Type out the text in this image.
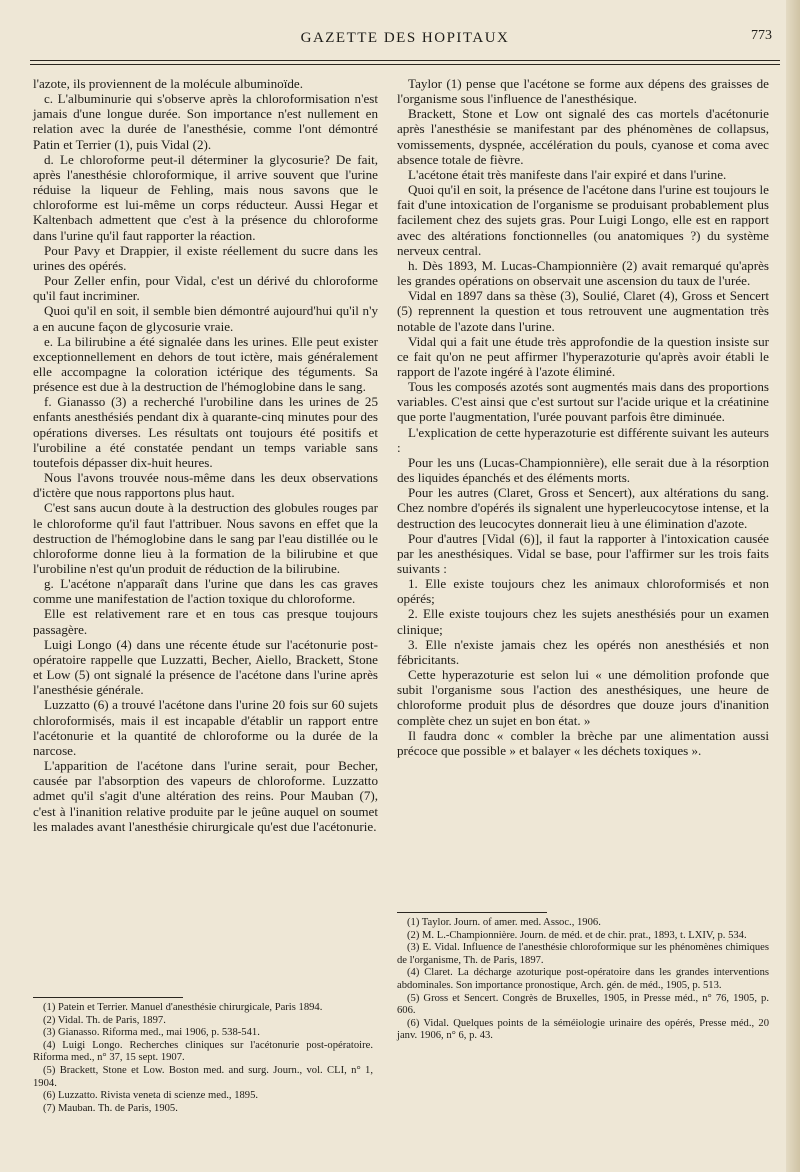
GAZETTE DES HOPITAUX	773

l'azote, ils proviennent de la molécule albuminoïde.

c. L'albuminurie qui s'observe après la chloroformisation n'est jamais d'une longue durée. Son importance n'est nullement en relation avec la durée de l'anesthésie, comme l'ont démontré Patin et Terrier (1), puis Vidal (2).

d. Le chloroforme peut-il déterminer la glycosurie? De fait, après l'anesthésie chloroformique, il arrive souvent que l'urine réduise la liqueur de Fehling, mais nous savons que le chloroforme est lui-même un corps réducteur. Aussi Hegar et Kaltenbach admettent que c'est à la présence du chloroforme dans l'urine qu'il faut rapporter la réaction.

Pour Pavy et Drappier, il existe réellement du sucre dans les urines des opérés.

Pour Zeller enfin, pour Vidal, c'est un dérivé du chloroforme qu'il faut incriminer.

Quoi qu'il en soit, il semble bien démontré aujourd'hui qu'il n'y a en aucune façon de glycosurie vraie.

e. La bilirubine a été signalée dans les urines. Elle peut exister exceptionnellement en dehors de tout ictère, mais généralement elle accompagne la coloration ictérique des téguments. Sa présence est due à la destruction de l'hémoglobine dans le sang.

f. Gianasso (3) a recherché l'urobiline dans les urines de 25 enfants anesthésiés pendant dix à quarante-cinq minutes pour des opérations diverses. Les résultats ont toujours été positifs et l'urobiline a été constatée pendant un temps variable sans toutefois dépasser dix-huit heures.

Nous l'avons trouvée nous-même dans les deux observations d'ictère que nous rapportons plus haut.

C'est sans aucun doute à la destruction des globules rouges par le chloroforme qu'il faut l'attribuer. Nous savons en effet que la destruction de l'hémoglobine dans le sang par l'eau distillée ou le chloroforme donne lieu à la formation de la bilirubine et que l'urobiline n'est qu'un produit de réduction de la bilirubine.

g. L'acétone n'apparaît dans l'urine que dans les cas graves comme une manifestation de l'action toxique du chloroforme.

Elle est relativement rare et en tous cas presque toujours passagère.

Luigi Longo (4) dans une récente étude sur l'acétonurie post-opératoire rappelle que Luzzatti, Becher, Aiello, Brackett, Stone et Low (5) ont signalé la présence de l'acétone dans l'urine après l'anesthésie générale.

Luzzatto (6) a trouvé l'acétone dans l'urine 20 fois sur 60 sujets chloroformisés, mais il est incapable d'établir un rapport entre l'acétonurie et la quantité de chloroforme ou la durée de la narcose.

L'apparition de l'acétone dans l'urine serait, pour Becher, causée par l'absorption des vapeurs de chloroforme. Luzzatto admet qu'il s'agit d'une altération des reins. Pour Mauban (7), c'est à l'inanition relative produite par le jeûne auquel on soumet les malades avant l'anesthésie chirurgicale qu'est due l'acétonurie.

(1) Patein et Terrier. Manuel d'anesthésie chirurgicale, Paris 1894.

(2) Vidal. Th. de Paris, 1897.

(3) Gianasso. Riforma med., mai 1906, p. 538-541.

(4) Luigi Longo. Recherches cliniques sur l'acétonurie post-opératoire. Riforma med., n° 37, 15 sept. 1907.

(5) Brackett, Stone et Low. Boston med. and surg. Journ., vol. CLI, n° 1, 1904.

(6) Luzzatto. Rivista veneta di scienze med., 1895.

(7) Mauban. Th. de Paris, 1905.

Taylor (1) pense que l'acétone se forme aux dépens des graisses de l'organisme sous l'influence de l'anesthésique.

Brackett, Stone et Low ont signalé des cas mortels d'acétonurie après l'anesthésie se manifestant par des phénomènes de collapsus, vomissements, dyspnée, accélération du pouls, cyanose et coma avec absence totale de fièvre.

L'acétone était très manifeste dans l'air expiré et dans l'urine.

Quoi qu'il en soit, la présence de l'acétone dans l'urine est toujours le fait d'une intoxication de l'organisme se produisant probablement plus facilement chez des sujets gras. Pour Luigi Longo, elle est en rapport avec des altérations fonctionnelles (ou anatomiques ?) du système nerveux central.

h. Dès 1893, M. Lucas-Championnière (2) avait remarqué qu'après les grandes opérations on observait une ascension du taux de l'urée.

Vidal en 1897 dans sa thèse (3), Soulié, Claret (4), Gross et Sencert (5) reprennent la question et tous retrouvent une augmentation très notable de l'azote dans l'urine.

Vidal qui a fait une étude très approfondie de la question insiste sur ce fait qu'on ne peut affirmer l'hyperazoturie qu'après avoir établi le rapport de l'azote ingéré à l'azote éliminé.

Tous les composés azotés sont augmentés mais dans des proportions variables. C'est ainsi que c'est surtout sur l'acide urique et la créatinine que porte l'augmentation, l'urée pouvant parfois être diminuée.

L'explication de cette hyperazoturie est différente suivant les auteurs :

Pour les uns (Lucas-Championnière), elle serait due à la résorption des liquides épanchés et des éléments morts.

Pour les autres (Claret, Gross et Sencert), aux altérations du sang. Chez nombre d'opérés ils signalent une hyperleucocytose intense, et la destruction des leucocytes donnerait lieu à une élimination d'azote.

Pour d'autres [Vidal (6)], il faut la rapporter à l'intoxication causée par les anesthésiques. Vidal se base, pour l'affirmer sur les trois faits suivants :

1. Elle existe toujours chez les animaux chloroformisés et non opérés;

2. Elle existe toujours chez les sujets anesthésiés pour un examen clinique;

3. Elle n'existe jamais chez les opérés non anesthésiés et non fébricitants.

Cette hyperazoturie est selon lui « une démolition profonde que subit l'organisme sous l'action des anesthésiques, une heure de chloroforme produit plus de désordres que douze jours d'inanition complète chez un sujet en bon état. »

Il faudra donc « combler la brèche par une alimentation aussi précoce que possible » et balayer « les déchets toxiques ».

(1) Taylor. Journ. of amer. med. Assoc., 1906.

(2) M. L.-Championnière. Journ. de méd. et de chir. prat., 1893, t. LXIV, p. 534.

(3) E. Vidal. Influence de l'anesthésie chloroformique sur les phénomènes chimiques de l'organisme, Th. de Paris, 1897.

(4) Claret. La décharge azoturique post-opératoire dans les grandes interventions abdominales. Son importance pronostique, Arch. gén. de méd., 1905, p. 513.

(5) Gross et Sencert. Congrès de Bruxelles, 1905, in Presse méd., n° 76, 1905, p. 606.

(6) Vidal. Quelques points de la séméiologie urinaire des opérés, Presse méd., 20 janv. 1906, n° 6, p. 43.
